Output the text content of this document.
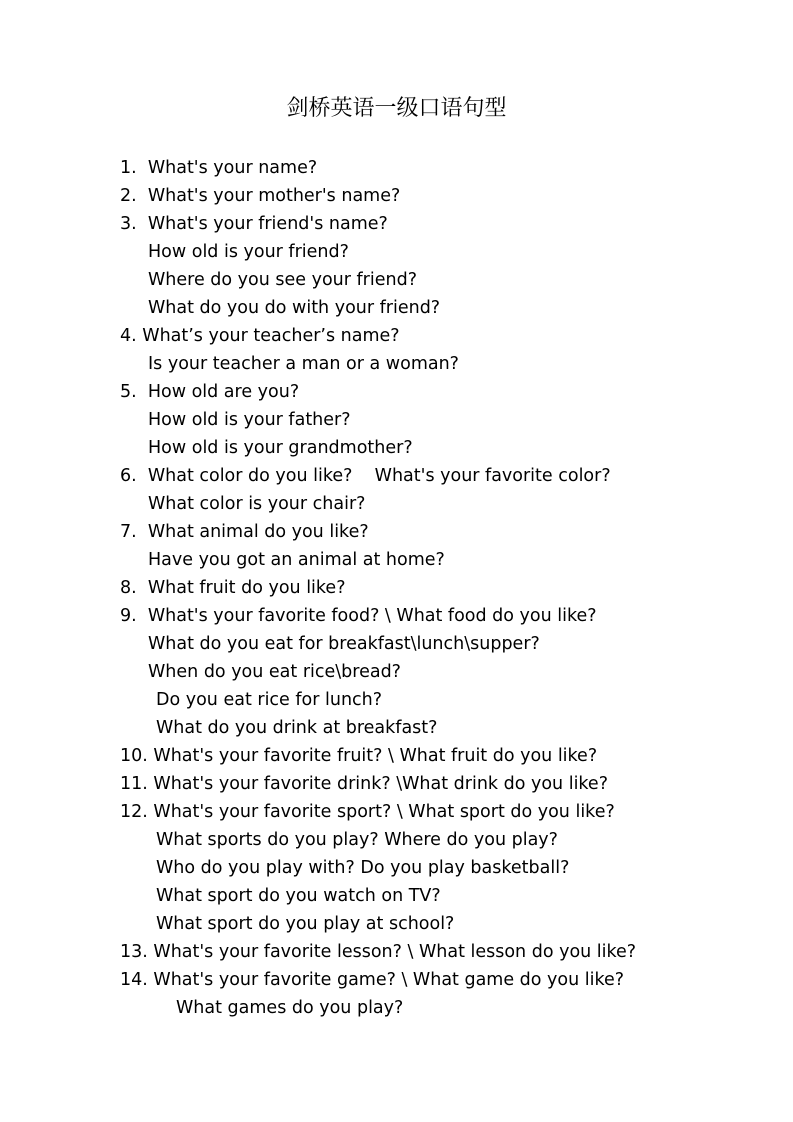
剑桥英语一级口语句型
1.  What's your name?
2.  What's your mother's name?
3.  What's your friend's name?
How old is your friend?
Where do you see your friend?
What do you do with your friend?
4. What’s your teacher’s name?
Is your teacher a man or a woman?
5.  How old are you?
How old is your father?
How old is your grandmother?
6.  What color do you like?    What's your favorite color?
What color is your chair?
7.  What animal do you like?
Have you got an animal at home?
8.  What fruit do you like?
9.  What's your favorite food? \ What food do you like?
What do you eat for breakfast\lunch\supper?
When do you eat rice\bread?
Do you eat rice for lunch?
What do you drink at breakfast?
10. What's your favorite fruit? \ What fruit do you like?
11. What's your favorite drink? \What drink do you like?
12. What's your favorite sport? \ What sport do you like?
What sports do you play? Where do you play?
Who do you play with? Do you play basketball?
What sport do you watch on TV?
What sport do you play at school?
13. What's your favorite lesson? \ What lesson do you like?
14. What's your favorite game? \ What game do you like?
What games do you play?
